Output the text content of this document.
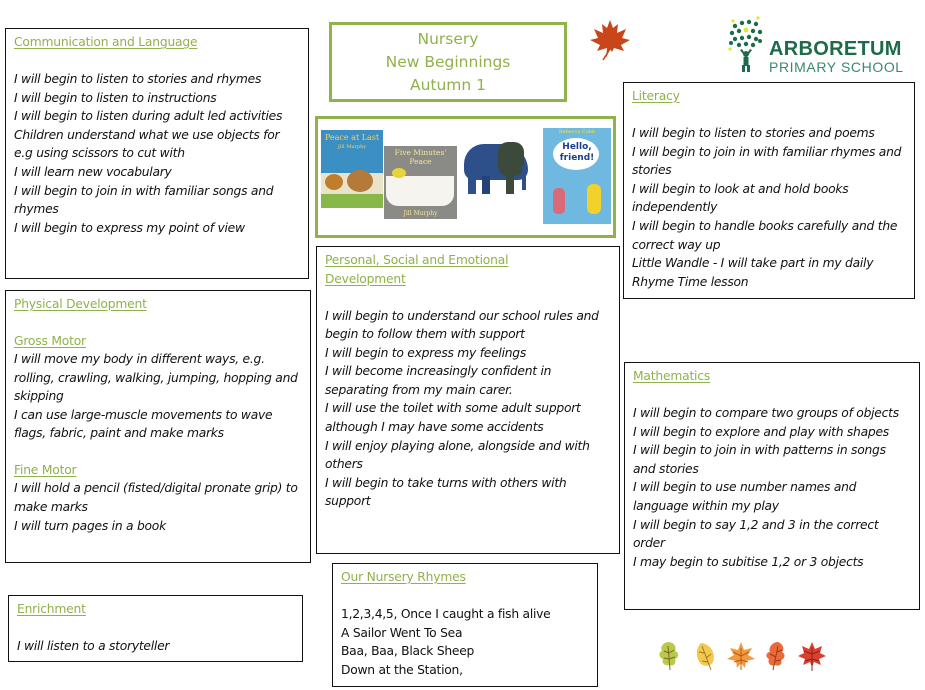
Communication and Language
I will begin to listen to stories and rhymes
I will begin to listen to instructions
I will begin to listen during adult led activities
Children understand what we use objects for e.g using scissors to cut with
I will learn new vocabulary
I will begin to join in with familiar songs and rhymes
I will begin to express my point of view
Physical Development
Gross Motor
I will move my body in different ways, e.g. rolling, crawling, walking, jumping, hopping and skipping
I can use large-muscle movements to wave flags, fabric, paint and make marks
Fine Motor
I will hold a pencil (fisted/digital pronate grip) to make marks
I will turn pages in a book
Enrichment
I will listen to a storyteller
Nursery
New Beginnings
Autumn 1
ARBORETUM
PRIMARY SCHOOL
Peace at Last
Jill Murphy
Five Minutes' Peace
Jill Murphy
Rebecca Cobb
Hello, friend!
Personal, Social and Emotional Development
I will begin to understand our school rules and begin to follow them with support
I will begin to express my feelings
I will become increasingly confident in separating from my main carer.
I will use the toilet with some adult support although I may have some accidents
I will enjoy playing alone, alongside and with others
I will begin to take turns with others with support
Our Nursery Rhymes
1,2,3,4,5, Once I caught a fish alive
A Sailor Went To Sea
Baa, Baa, Black Sheep
Down at the Station,
Literacy
I will begin to listen to stories and poems
I will begin to join in with familiar rhymes and stories
I will begin to look at and hold books independently
I will begin to handle books carefully and the correct way up
Little Wandle - I will take part in my daily Rhyme Time lesson
Mathematics
I will begin to compare two groups of objects
I will begin to explore and play with shapes
I will begin to join in with patterns in songs and stories
I will begin to use number names and language within my play
I will begin to say 1,2 and 3 in the correct order
I may begin to subitise 1,2 or 3 objects
